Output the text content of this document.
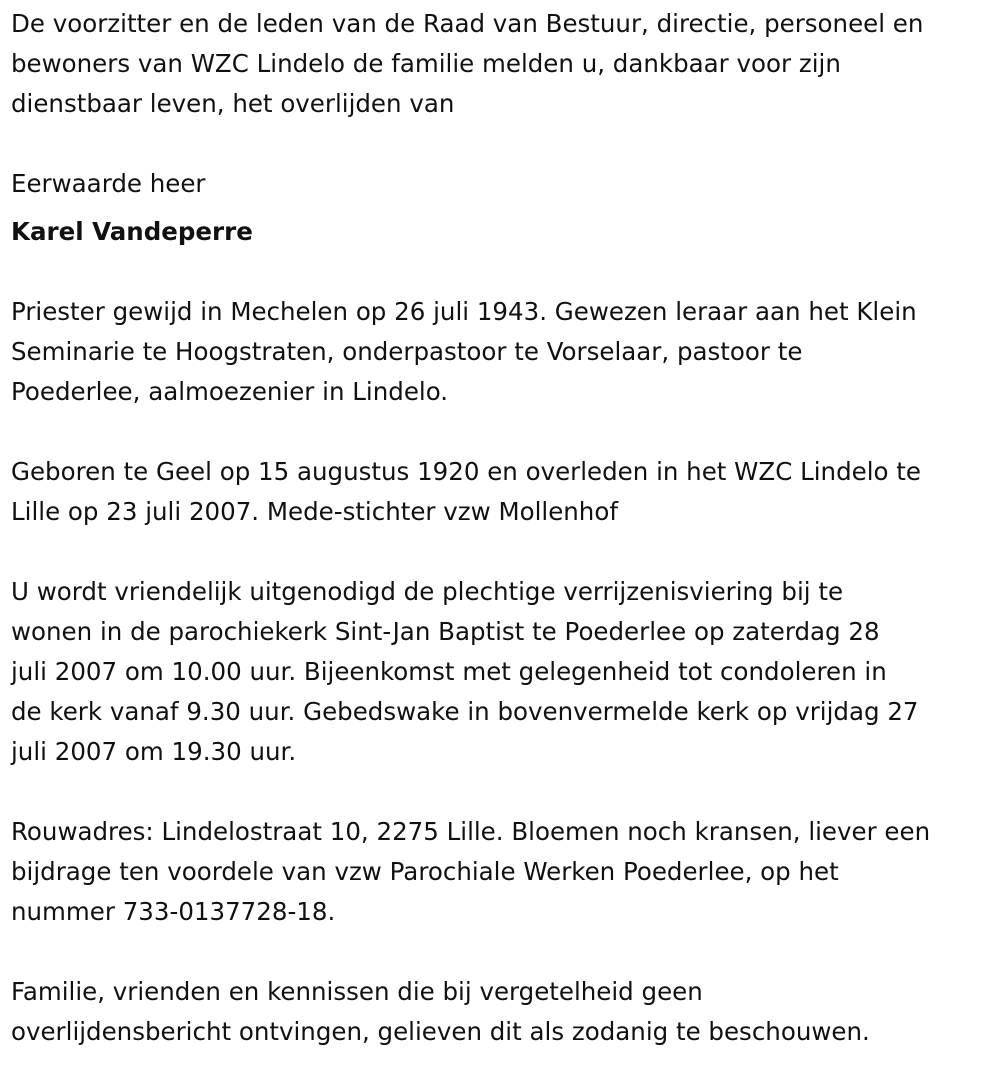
De voorzitter en de leden van de Raad van Bestuur, directie, personeel en
bewoners van WZC Lindelo de familie melden u, dankbaar voor zijn
dienstbaar leven, het overlijden van

Eerwaarde heer

Karel Vandeperre

Priester gewijd in Mechelen op 26 juli 1943. Gewezen leraar aan het Klein
Seminarie te Hoogstraten, onderpastoor te Vorselaar, pastoor te
Poederlee, aalmoezenier in Lindelo.

Geboren te Geel op 15 augustus 1920 en overleden in het WZC Lindelo te
Lille op 23 juli 2007. Mede-stichter vzw Mollenhof

U wordt vriendelijk uitgenodigd de plechtige verrijzenisviering bij te
wonen in de parochiekerk Sint-Jan Baptist te Poederlee op zaterdag 28
juli 2007 om 10.00 uur. Bijeenkomst met gelegenheid tot condoleren in
de kerk vanaf 9.30 uur. Gebedswake in bovenvermelde kerk op vrijdag 27
juli 2007 om 19.30 uur.

Rouwadres: Lindelostraat 10, 2275 Lille. Bloemen noch kransen, liever een
bijdrage ten voordele van vzw Parochiale Werken Poederlee, op het
nummer 733-0137728-18.

Familie, vrienden en kennissen die bij vergetelheid geen
overlijdensbericht ontvingen, gelieven dit als zodanig te beschouwen.
